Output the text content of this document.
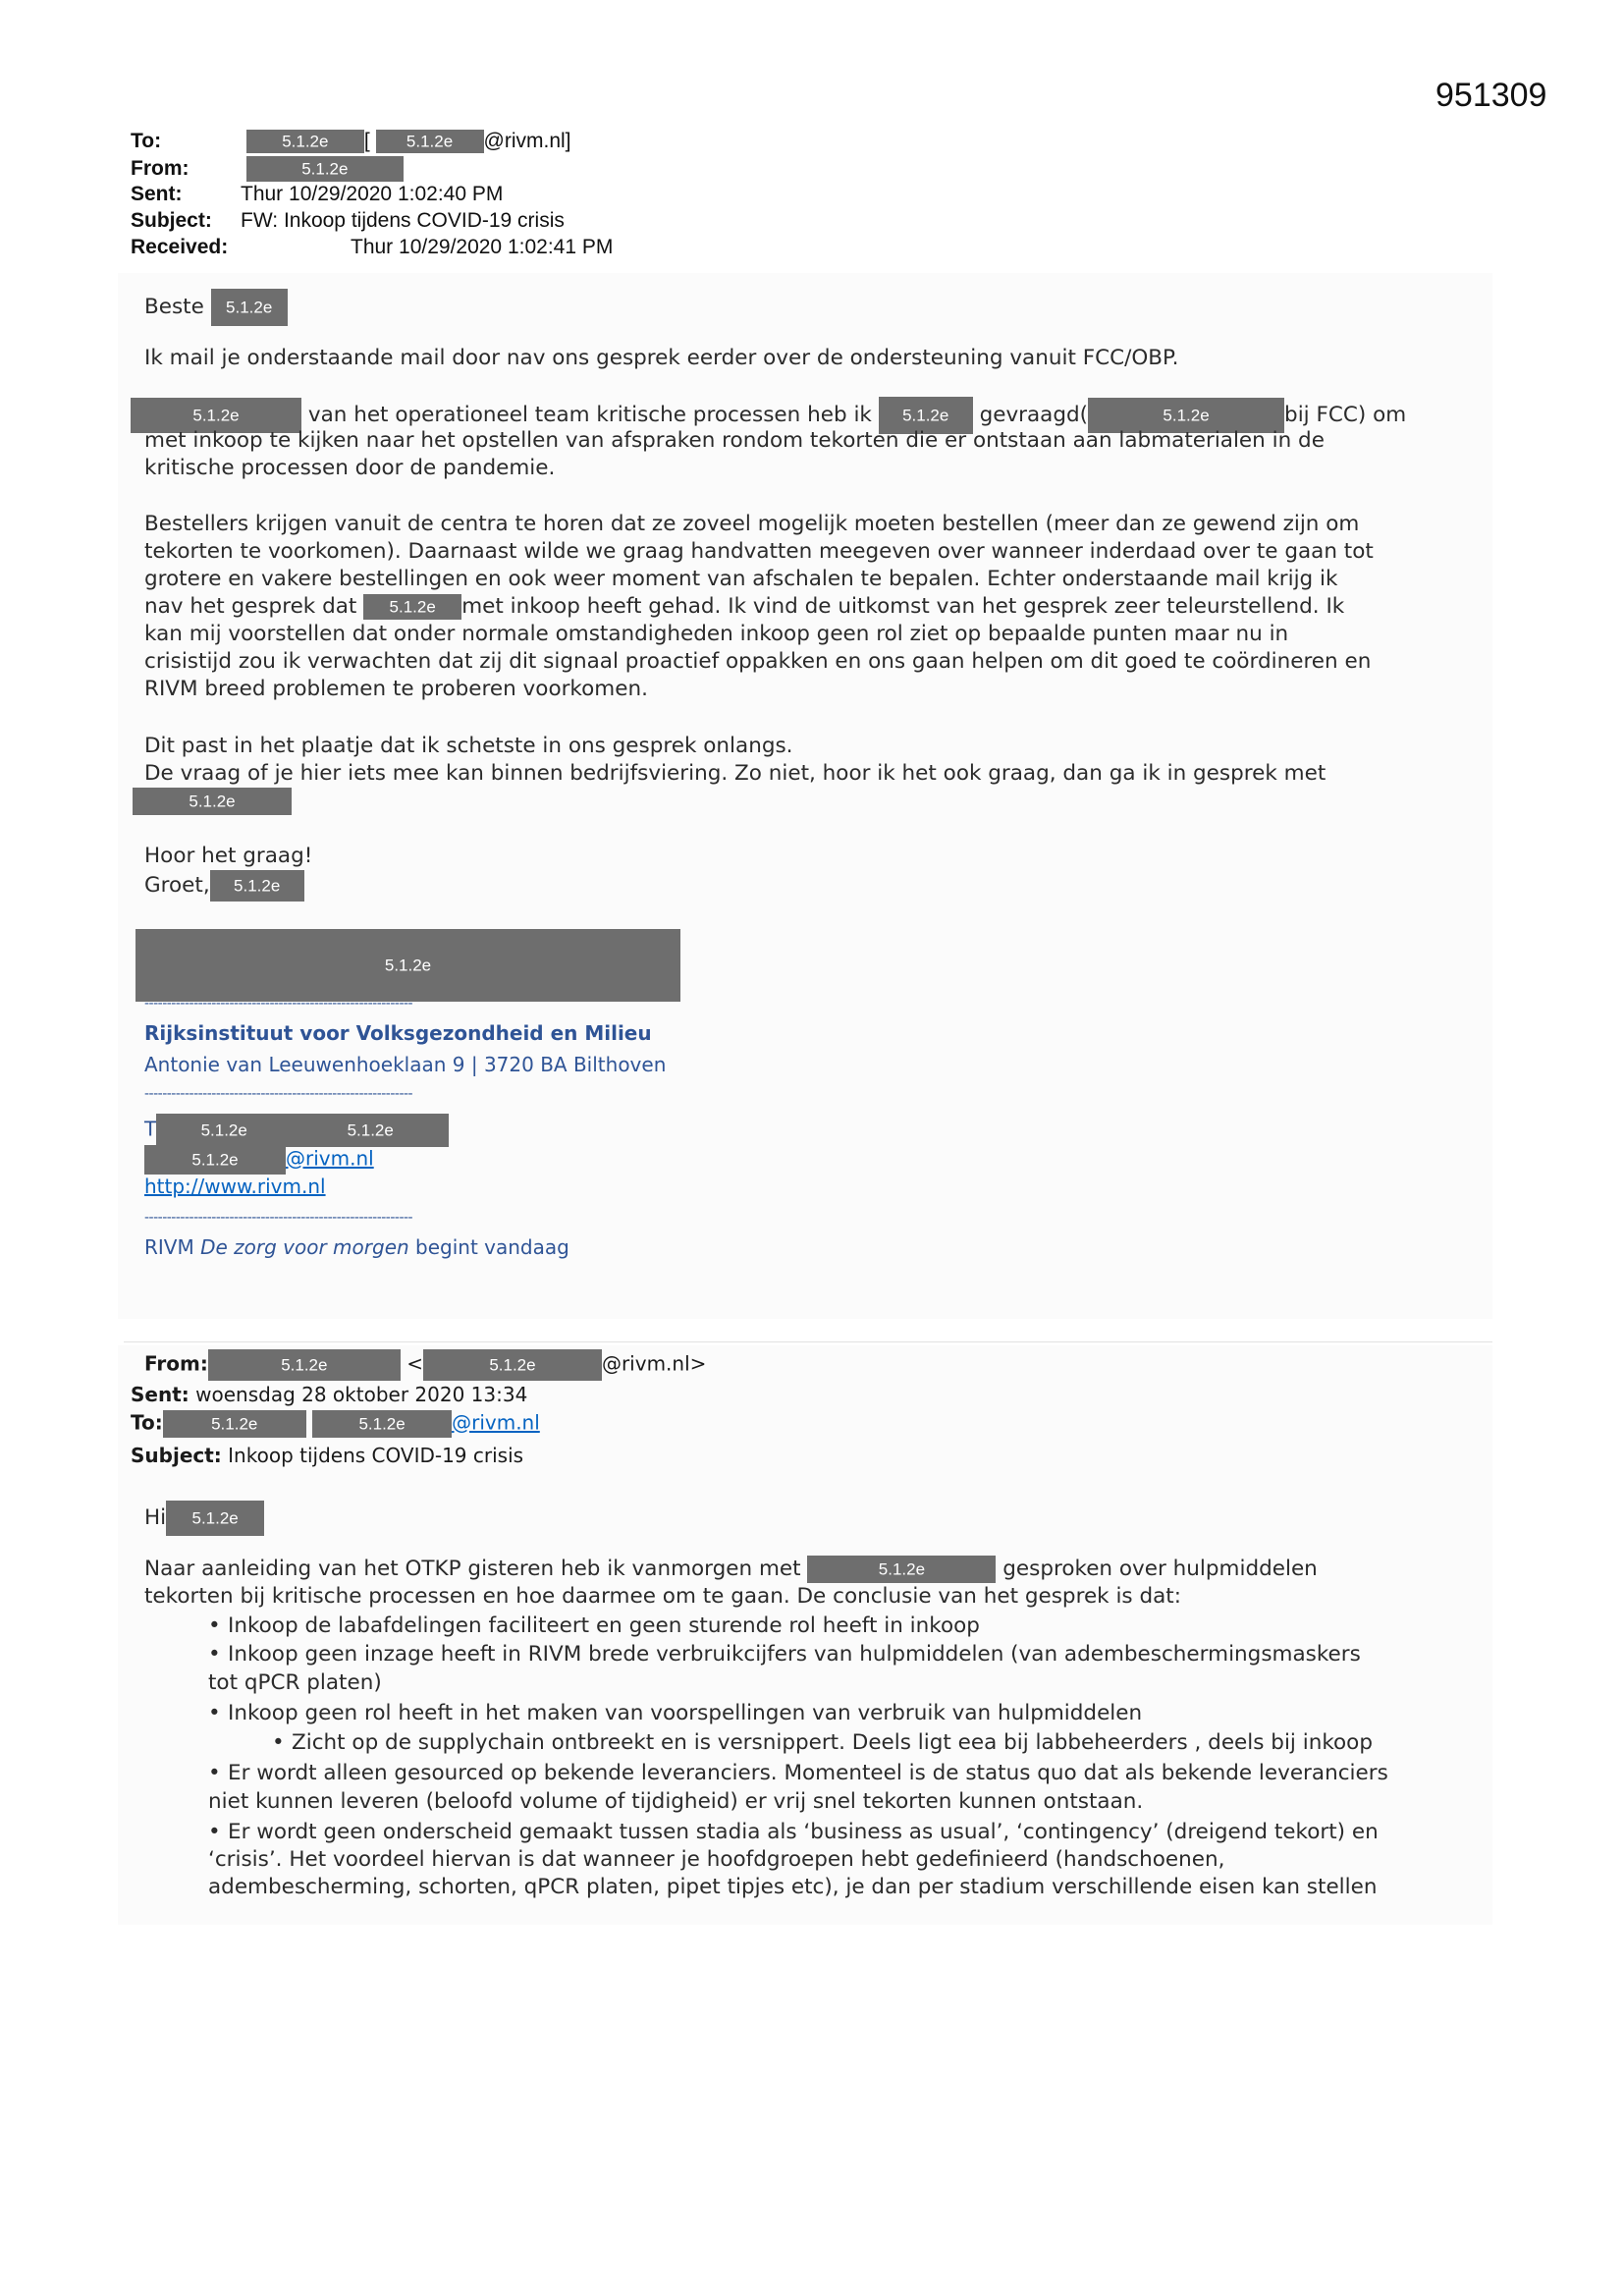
951309
To:	5.1.2e	[	5.1.2e	@rivm.nl]
From:	5.1.2e
Sent:	Thur 10/29/2020 1:02:40 PM
Subject: FW: Inkoop tijdens COVID-19 crisis
Received:	Thur 10/29/2020 1:02:41 PM
Beste	5.1.2e
Ik mail je onderstaande mail door nav ons gesprek eerder over de ondersteuning vanuit FCC/OBP.
5.1.2e	van het operationeel team kritische processen heb ik	5.1.2e	gevraagd(	5.1.2e	bij FCC) om
met inkoop te kijken naar het opstellen van afspraken rondom tekorten die er ontstaan aan labmaterialen in de
kritische processen door de pandemie.
Bestellers krijgen vanuit de centra te horen dat ze zoveel mogelijk moeten bestellen (meer dan ze gewend zijn om
tekorten te voorkomen). Daarnaast wilde we graag handvatten meegeven over wanneer inderdaad over te gaan tot
grotere en vakere bestellingen en ook weer moment van afschalen te bepalen. Echter onderstaande mail krijg ik
nav het gesprek dat	5.1.2e	met inkoop heeft gehad. Ik vind de uitkomst van het gesprek zeer teleurstellend. Ik
kan mij voorstellen dat onder normale omstandigheden inkoop geen rol ziet op bepaalde punten maar nu in
crisistijd zou ik verwachten dat zij dit signaal proactief oppakken en ons gaan helpen om dit goed te coördineren en
RIVM breed problemen te proberen voorkomen.
Dit past in het plaatje dat ik schetste in ons gesprek onlangs.
De vraag of je hier iets mee kan binnen bedrijfsviering. Zo niet, hoor ik het ook graag, dan ga ik in gesprek met
5.1.2e
Hoor het graag!
Groet,	5.1.2e
5.1.2e
------------------------------------------------------------
Rijksinstituut voor Volksgezondheid en Milieu
Antonie van Leeuwenhoeklaan 9 | 3720 BA Bilthoven
------------------------------------------------------------
T	5.1.2e	5.1.2e
5.1.2e	@rivm.nl
http://www.rivm.nl
------------------------------------------------------------
RIVM De zorg voor morgen begint vandaag
From:	5.1.2e	<	5.1.2e	@rivm.nl>
Sent: woensdag 28 oktober 2020 13:34
To:	5.1.2e
	5.1.2e	@rivm.nl
Subject: Inkoop tijdens COVID-19 crisis
Hi	5.1.2e
Naar aanleiding van het OTKP gisteren heb ik vanmorgen met	5.1.2e	gesproken over hulpmiddelen
tekorten bij kritische processen en hoe daarmee om te gaan. De conclusie van het gesprek is dat:
• Inkoop de labafdelingen faciliteert en geen sturende rol heeft in inkoop
• Inkoop geen inzage heeft in RIVM brede verbruikcijfers van hulpmiddelen (van adembeschermingsmaskers
tot qPCR platen)
• Inkoop geen rol heeft in het maken van voorspellingen van verbruik van hulpmiddelen
• Zicht op de supplychain ontbreekt en is versnippert. Deels ligt eea bij labbeheerders , deels bij inkoop
• Er wordt alleen gesourced op bekende leveranciers. Momenteel is de status quo dat als bekende leveranciers
niet kunnen leveren (beloofd volume of tijdigheid) er vrij snel tekorten kunnen ontstaan.
• Er wordt geen onderscheid gemaakt tussen stadia als ‘business as usual’, ‘contingency’ (dreigend tekort) en
‘crisis’. Het voordeel hiervan is dat wanneer je hoofdgroepen hebt gedefinieerd (handschoenen,
adembescherming, schorten, qPCR platen, pipet tipjes etc), je dan per stadium verschillende eisen kan stellen
